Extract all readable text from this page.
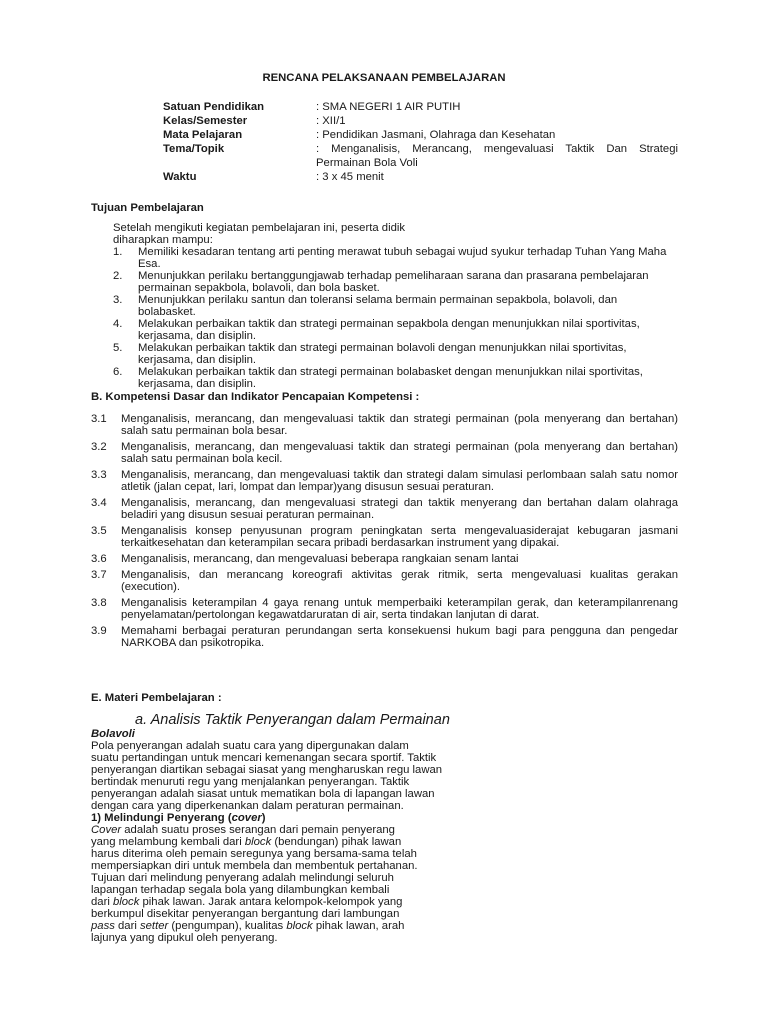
RENCANA PELAKSANAAN PEMBELAJARAN
Satuan Pendidikan	: SMA NEGERI 1 AIR PUTIH
Kelas/Semester	: XII/1
Mata Pelajaran	: Pendidikan Jasmani, Olahraga dan Kesehatan
Tema/Topik	: Menganalisis, Merancang, mengevaluasi Taktik Dan Strategi Permainan Bola Voli
Waktu	: 3 x 45 menit
Tujuan Pembelajaran
Setelah mengikuti kegiatan pembelajaran ini, peserta didik
diharapkan mampu:
1.	Memiliki kesadaran tentang arti penting merawat tubuh sebagai wujud syukur terhadap Tuhan Yang Maha Esa.
2.	Menunjukkan perilaku bertanggungjawab terhadap pemeliharaan sarana dan prasarana pembelajaran permainan sepakbola, bolavoli, dan bola basket.
3.	Menunjukkan perilaku santun dan toleransi selama bermain permainan sepakbola, bolavoli, dan bolabasket.
4.	Melakukan perbaikan taktik dan strategi permainan sepakbola dengan menunjukkan nilai sportivitas, kerjasama, dan disiplin.
5.	Melakukan perbaikan taktik dan strategi permainan bolavoli dengan menunjukkan nilai sportivitas, kerjasama, dan disiplin.
6.	Melakukan perbaikan taktik dan strategi permainan bolabasket dengan menunjukkan nilai sportivitas, kerjasama, dan disiplin.
B. Kompetensi Dasar dan Indikator Pencapaian Kompetensi :
3.1	Menganalisis, merancang, dan mengevaluasi taktik dan strategi permainan (pola menyerang dan bertahan) salah satu permainan bola besar.
3.2	Menganalisis, merancang, dan mengevaluasi taktik dan strategi permainan (pola menyerang dan bertahan) salah satu permainan bola kecil.
3.3	Menganalisis, merancang, dan mengevaluasi taktik dan strategi dalam simulasi perlombaan salah satu nomor atletik (jalan cepat, lari, lompat dan lempar)yang disusun sesuai peraturan.
3.4	Menganalisis, merancang, dan mengevaluasi strategi dan taktik menyerang dan bertahan dalam olahraga beladiri yang disusun sesuai peraturan permainan.
3.5	Menganalisis konsep penyusunan program peningkatan serta mengevaluasiderajat kebugaran jasmani terkaitkesehatan dan keterampilan secara pribadi berdasarkan instrument yang dipakai.
3.6	Menganalisis, merancang, dan mengevaluasi beberapa rangkaian senam lantai
3.7	Menganalisis, dan merancang koreografi aktivitas gerak ritmik, serta mengevaluasi kualitas gerakan (execution).
3.8	Menganalisis keterampilan 4 gaya renang untuk memperbaiki keterampilan gerak, dan keterampilanrenang penyelamatan/pertolongan kegawatdaruratan di air, serta tindakan lanjutan di darat.
3.9	Memahami berbagai peraturan perundangan serta konsekuensi hukum bagi para pengguna dan pengedar NARKOBA dan psikotropika.
E. Materi Pembelajaran :
a. Analisis Taktik Penyerangan dalam Permainan

Bolavoli

Pola penyerangan adalah suatu cara yang dipergunakan dalam

suatu pertandingan untuk mencari kemenangan secara sportif. Taktik

penyerangan diartikan sebagai siasat yang mengharuskan regu lawan

bertindak menuruti regu yang menjalankan penyerangan. Taktik

penyerangan adalah siasat untuk mematikan bola di lapangan lawan

dengan cara yang diperkenankan dalam peraturan permainan.

1) Melindungi Penyerang (cover)

Cover adalah suatu proses serangan dari pemain penyerang

yang melambung kembali dari block (bendungan) pihak lawan

harus diterima oleh pemain seregunya yang bersama-sama telah

mempersiapkan diri untuk membela dan membentuk pertahanan.

Tujuan dari melindung penyerang adalah melindungi seluruh

lapangan terhadap segala bola yang dilambungkan kembali

dari block pihak lawan. Jarak antara kelompok-kelompok yang

berkumpul disekitar penyerangan bergantung dari lambungan

pass dari setter (pengumpan), kualitas block pihak lawan, arah

lajunya yang dipukul oleh penyerang.
